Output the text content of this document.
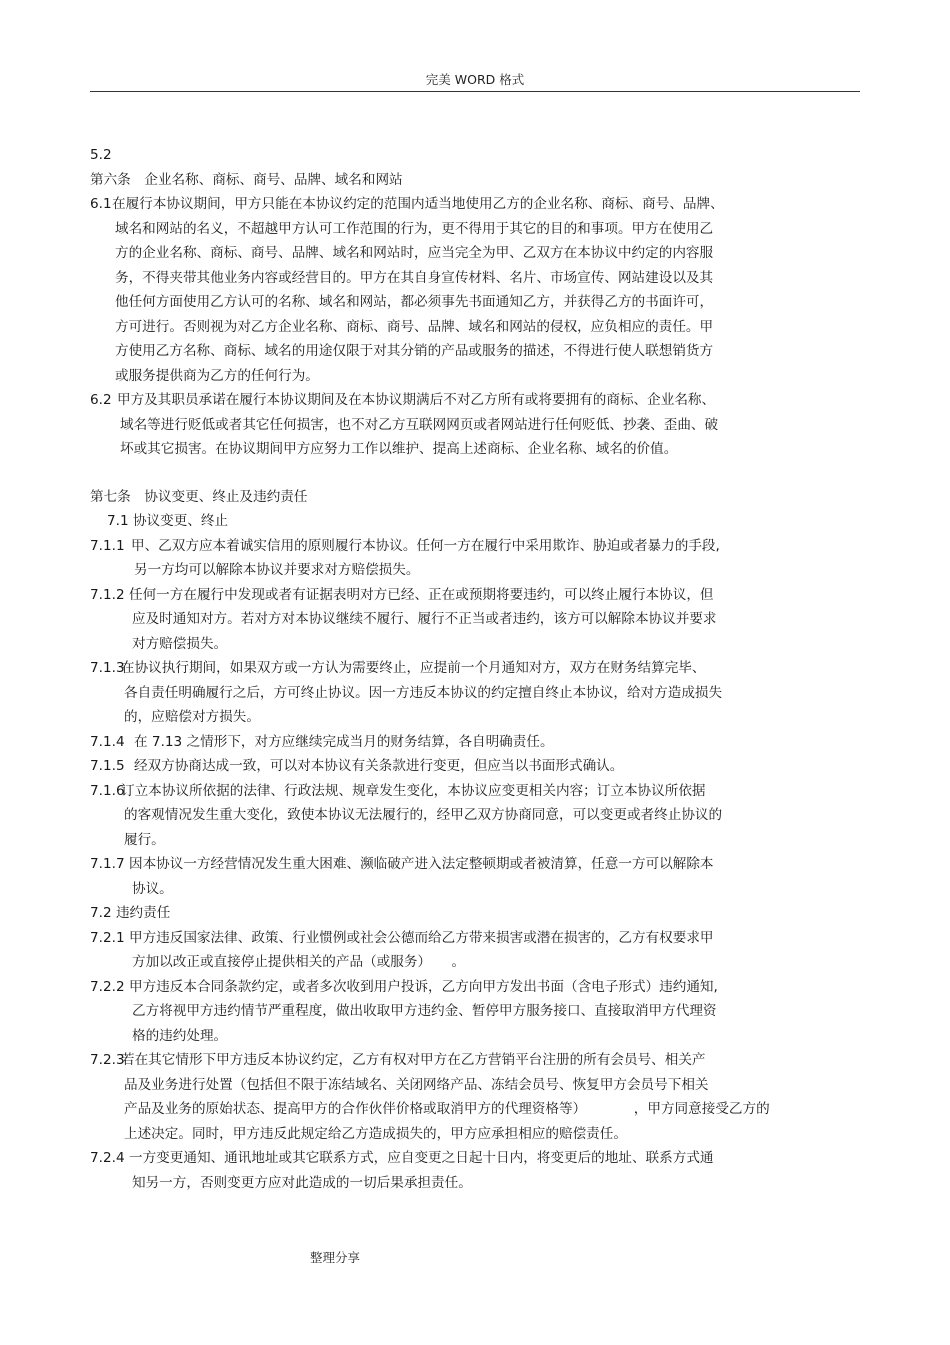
完美 WORD 格式
5.2
第六条　企业名称、商标、商号、品牌、域名和网站
6.1 在履行本协议期间，甲方只能在本协议约定的范围内适当地使用乙方的企业名称、商标、商号、品牌、
域名和网站的名义，不超越甲方认可工作范围的行为，更不得用于其它的目的和事项。甲方在使用乙
方的企业名称、商标、商号、品牌、域名和网站时，应当完全为甲、乙双方在本协议中约定的内容服
务，不得夹带其他业务内容或经营目的。甲方在其自身宣传材料、名片、市场宣传、网站建设以及其
他任何方面使用乙方认可的名称、域名和网站，都必须事先书面通知乙方，并获得乙方的书面许可，
方可进行。否则视为对乙方企业名称、商标、商号、品牌、域名和网站的侵权，应负相应的责任。甲
方使用乙方名称、商标、域名的用途仅限于对其分销的产品或服务的描述，不得进行使人联想销货方
或服务提供商为乙方的任何行为。
6.2 甲方及其职员承诺在履行本协议期间及在本协议期满后不对乙方所有或将要拥有的商标、企业名称、
域名等进行贬低或者其它任何损害，也不对乙方互联网网页或者网站进行任何贬低、抄袭、歪曲、破
坏或其它损害。在协议期间甲方应努力工作以维护、提高上述商标、企业名称、域名的价值。
第七条　协议变更、终止及违约责任
7.1 协议变更、终止
7.1.1 甲、乙双方应本着诚实信用的原则履行本协议。任何一方在履行中采用欺诈、胁迫或者暴力的手段,
另一方均可以解除本协议并要求对方赔偿损失。
7.1.2 任何一方在履行中发现或者有证据表明对方已经、正在或预期将要违约，可以终止履行本协议，但
应及时通知对方。若对方对本协议继续不履行、履行不正当或者违约，该方可以解除本协议并要求
对方赔偿损失。
7.1.3
在协议执行期间，如果双方或一方认为需要终止，应提前一个月通知对方，双方在财务结算完毕、
各自责任明确履行之后，方可终止协议。因一方违反本协议的约定擅自终止本协议，给对方造成损失
的，应赔偿对方损失。
7.1.4 在 7.13 之情形下，对方应继续完成当月的财务结算，各自明确责任。
7.1.5 经双方协商达成一致，可以对本协议有关条款进行变更，但应当以书面形式确认。
7.1.6
订立本协议所依据的法律、行政法规、规章发生变化，本协议应变更相关内容；订立本协议所依据
的客观情况发生重大变化，致使本协议无法履行的，经甲乙双方协商同意，可以变更或者终止协议的
履行。
7.1.7 因本协议一方经营情况发生重大困难、濒临破产进入法定整顿期或者被清算，任意一方可以解除本
协议。
7.2 违约责任
7.2.1 甲方违反国家法律、政策、行业惯例或社会公德而给乙方带来损害或潜在损害的，乙方有权要求甲
方加以改正或直接停止提供相关的产品（或服务）　　。
7.2.2 甲方违反本合同条款约定，或者多次收到用户投诉，乙方向甲方发出书面（含电子形式）违约通知,
乙方将视甲方违约情节严重程度，做出收取甲方违约金、暂停甲方服务接口、直接取消甲方代理资
格的违约处理。
7.2.3
若在其它情形下甲方违反本协议约定，乙方有权对甲方在乙方营销平台注册的所有会员号、相关产
品及业务进行处置（包括但不限于冻结域名、关闭网络产品、冻结会员号、恢复甲方会员号下相关
产品及业务的原始状态、提高甲方的合作伙伴价格或取消甲方的代理资格等）　　　　，甲方同意接受乙方的
上述决定。同时，甲方违反此规定给乙方造成损失的，甲方应承担相应的赔偿责任。
7.2.4 一方变更通知、通讯地址或其它联系方式，应自变更之日起十日内，将变更后的地址、联系方式通
知另一方，否则变更方应对此造成的一切后果承担责任。
整理分享
